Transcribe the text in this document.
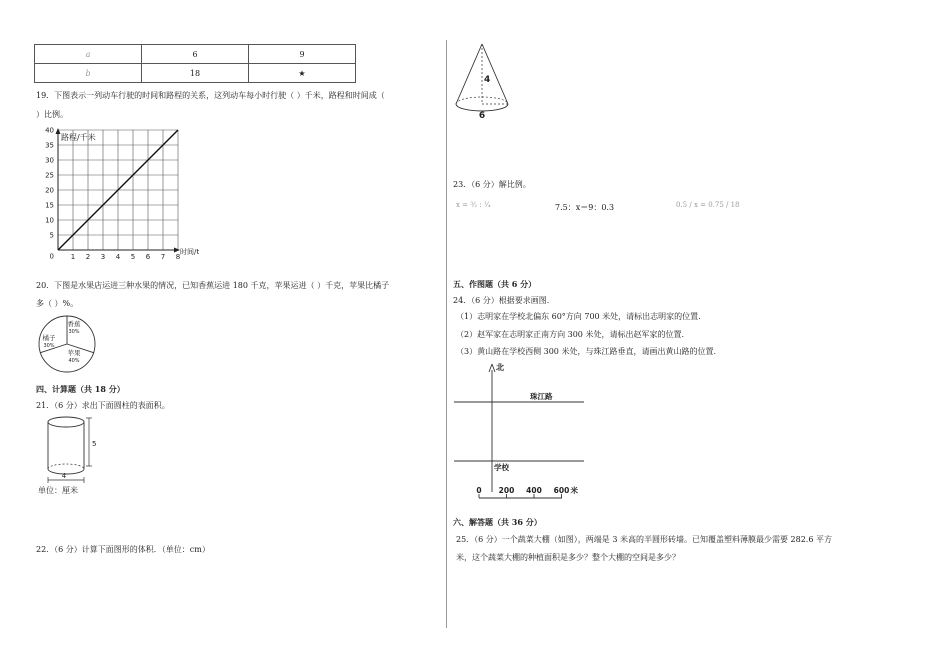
a	6	9
b	18	★
19．下图表示一列动车行驶的时间和路程的关系，这列动车每小时行驶（ ）千米，路程和时间成（
）比例。
1 2 3 4 5 6 7 8
0
5
10
15
20
25
30
35
40
路程/千米
时间/t
20．下图是水果店运进三种水果的情况，已知香蕉运进 180 千克，苹果运进（ ）千克，苹果比橘子
多（ ）%。
香蕉
30%
橘子
30%
苹果
40%
四、计算题（共 18 分）
21．（6 分）求出下面圆柱的表面积。
5
4
单位：厘米
22．（6 分）计算下面图形的体积．（单位：cm）
4
6
23．（6 分）解比例。
x = ³⁄₂ : ¹⁄₄	7.5：x＝9：0.3	0.5 / x = 0.75 / 18
五、作图题（共 6 分）
24．（6 分）根据要求画图.
（1）志明家在学校北偏东 60°方向 700 米处，请标出志明家的位置.
（2）赵军家在志明家正南方向 300 米处，请标出赵军家的位置.
（3）黄山路在学校西侧 300 米处，与珠江路垂直，请画出黄山路的位置.
北
珠江路
学校
0 200 400 600 米
六、解答题（共 36 分）
25．（6 分）一个蔬菜大棚（如图），两端是 3 米高的半圆形砖墙。已知覆盖塑料薄膜最少需要 282.6 平方
米，这个蔬菜大棚的种植面积是多少？整个大棚的空间是多少？
